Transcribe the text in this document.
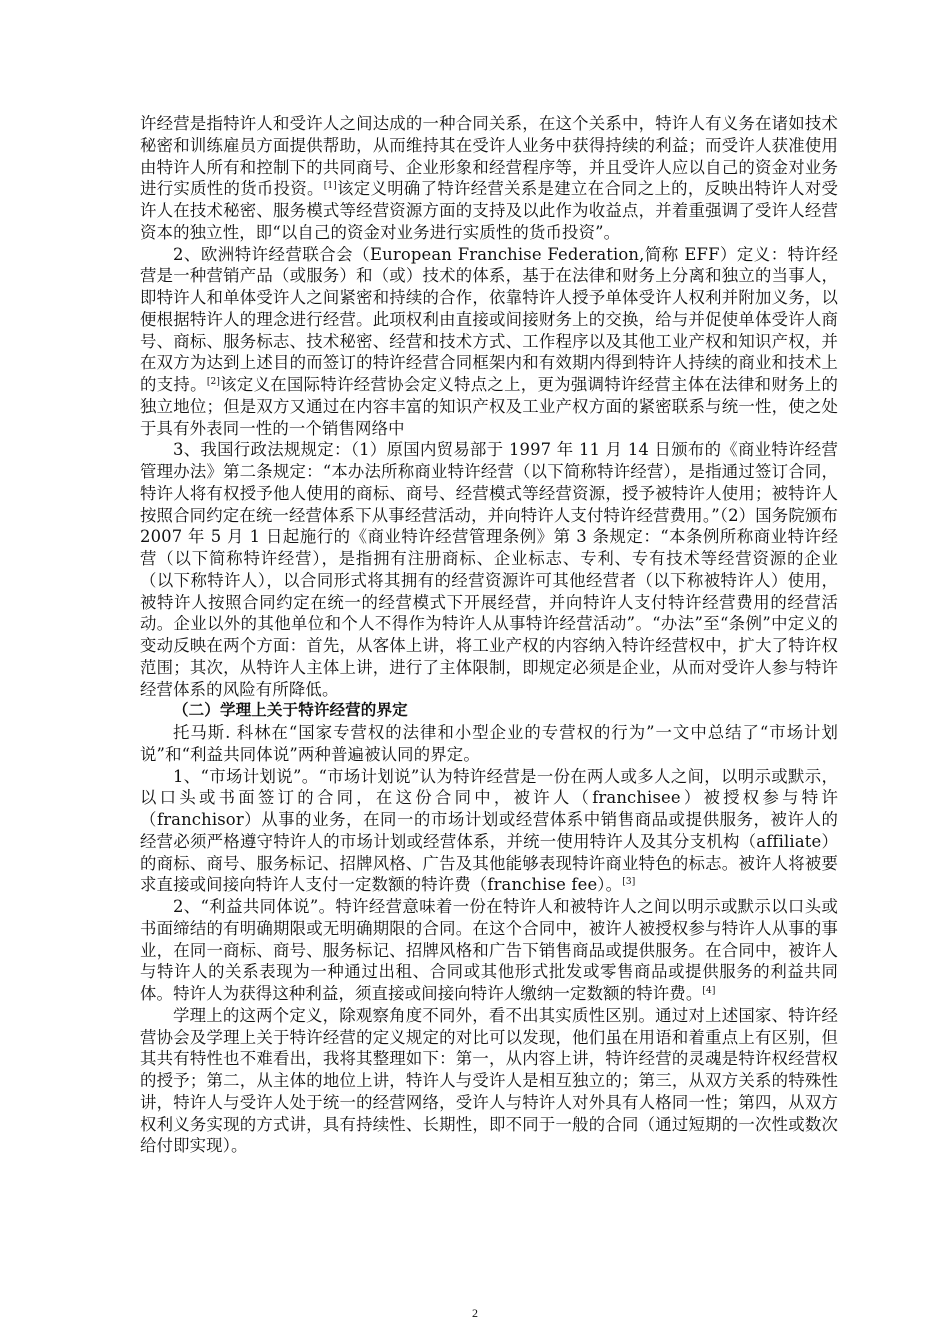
许经营是指特许人和受许人之间达成的一种合同关系，在这个关系中，特许人有义务在诸如技术秘密和训练雇员方面提供帮助，从而维持其在受许人业务中获得持续的利益；而受许人获准使用由特许人所有和控制下的共同商号、企业形象和经营程序等，并且受许人应以自己的资金对业务进行实质性的货币投资。[1]该定义明确了特许经营关系是建立在合同之上的，反映出特许人对受许人在技术秘密、服务模式等经营资源方面的支持及以此作为收益点，并着重强调了受许人经营资本的独立性，即“以自己的资金对业务进行实质性的货币投资”。

2、欧洲特许经营联合会（European Franchise Federation,简称 EFF）定义：特许经营是一种营销产品（或服务）和（或）技术的体系，基于在法律和财务上分离和独立的当事人，即特许人和单体受许人之间紧密和持续的合作，依靠特许人授予单体受许人权利并附加义务，以便根据特许人的理念进行经营。此项权利由直接或间接财务上的交换，给与并促使单体受许人商号、商标、服务标志、技术秘密、经营和技术方式、工作程序以及其他工业产权和知识产权，并在双方为达到上述目的而签订的特许经营合同框架内和有效期内得到特许人持续的商业和技术上的支持。[2]该定义在国际特许经营协会定义特点之上，更为强调特许经营主体在法律和财务上的独立地位；但是双方又通过在内容丰富的知识产权及工业产权方面的紧密联系与统一性，使之处于具有外表同一性的一个销售网络中

3、我国行政法规规定：（1）原国内贸易部于 1997 年 11 月 14 日颁布的《商业特许经营管理办法》第二条规定：“本办法所称商业特许经营（以下简称特许经营），是指通过签订合同，特许人将有权授予他人使用的商标、商号、经营模式等经营资源，授予被特许人使用；被特许人按照合同约定在统一经营体系下从事经营活动，并向特许人支付特许经营费用。”（2）国务院颁布 2007 年 5 月 1 日起施行的《商业特许经营管理条例》第 3 条规定：“本条例所称商业特许经营（以下简称特许经营），是指拥有注册商标、企业标志、专利、专有技术等经营资源的企业（以下称特许人），以合同形式将其拥有的经营资源许可其他经营者（以下称被特许人）使用，被特许人按照合同约定在统一的经营模式下开展经营，并向特许人支付特许经营费用的经营活动。企业以外的其他单位和个人不得作为特许人从事特许经营活动”。“办法”至“条例”中定义的变动反映在两个方面：首先，从客体上讲，将工业产权的内容纳入特许经营权中，扩大了特许权范围；其次，从特许人主体上讲，进行了主体限制，即规定必须是企业，从而对受许人参与特许经营体系的风险有所降低。

（二）学理上关于特许经营的界定

托马斯. 科林在“国家专营权的法律和小型企业的专营权的行为”一文中总结了“市场计划说”和“利益共同体说”两种普遍被认同的界定。

1、“市场计划说”。“市场计划说”认为特许经营是一份在两人或多人之间，以明示或默示，以口头或书面签订的合同，在这份合同中，被许人（franchisee）被授权参与特许（franchisor）从事的业务，在同一的市场计划或经营体系中销售商品或提供服务，被许人的经营必须严格遵守特许人的市场计划或经营体系，并统一使用特许人及其分支机构（affiliate）的商标、商号、服务标记、招牌风格、广告及其他能够表现特许商业特色的标志。被许人将被要求直接或间接向特许人支付一定数额的特许费（franchise fee）。[3]

2、“利益共同体说”。特许经营意味着一份在特许人和被特许人之间以明示或默示以口头或书面缔结的有明确期限或无明确期限的合同。在这个合同中，被许人被授权参与特许人从事的事业，在同一商标、商号、服务标记、招牌风格和广告下销售商品或提供服务。在合同中，被许人与特许人的关系表现为一种通过出租、合同或其他形式批发或零售商品或提供服务的利益共同体。特许人为获得这种利益，须直接或间接向特许人缴纳一定数额的特许费。[4]

学理上的这两个定义，除观察角度不同外，看不出其实质性区别。通过对上述国家、特许经营协会及学理上关于特许经营的定义规定的对比可以发现，他们虽在用语和着重点上有区别，但其共有特性也不难看出，我将其整理如下：第一，从内容上讲，特许经营的灵魂是特许权经营权的授予；第二，从主体的地位上讲，特许人与受许人是相互独立的；第三，从双方关系的特殊性讲，特许人与受许人处于统一的经营网络，受许人与特许人对外具有人格同一性；第四，从双方权利义务实现的方式讲，具有持续性、长期性，即不同于一般的合同（通过短期的一次性或数次给付即实现）。

2
